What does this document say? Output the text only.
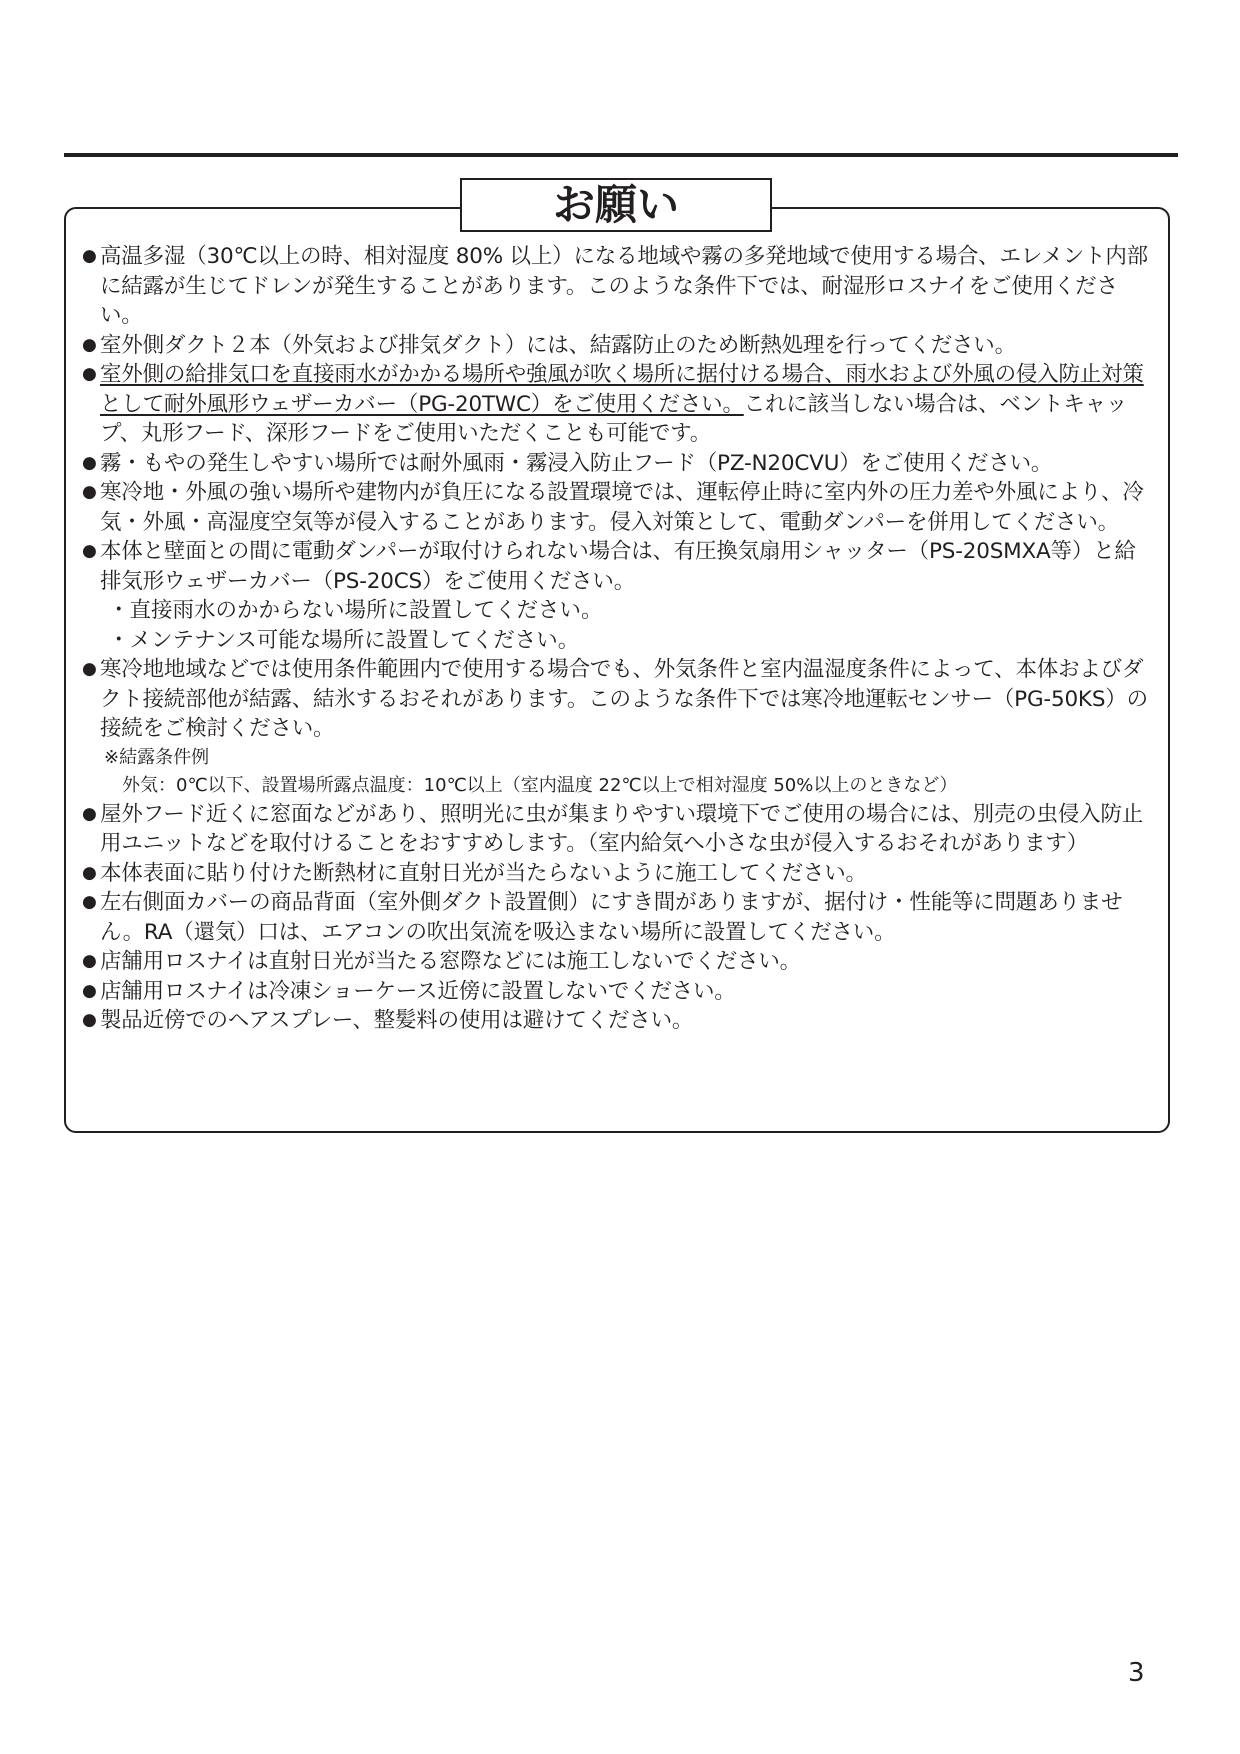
お願い
● 高温多湿（30℃以上の時、相対湿度 80% 以上）になる地域や霧の多発地域で使用する場合、エレメント内部に結露が生じてドレンが発生することがあります。このような条件下では、耐湿形ロスナイをご使用ください。
● 室外側ダクト２本（外気および排気ダクト）には、結露防止のため断熱処理を行ってください。
● 室外側の給排気口を直接雨水がかかる場所や強風が吹く場所に据付ける場合、雨水および外風の侵入防止対策として耐外風形ウェザーカバー（PG-20TWC）をご使用ください。これに該当しない場合は、ベントキャップ、丸形フード、深形フードをご使用いただくことも可能です。
● 霧・もやの発生しやすい場所では耐外風雨・霧浸入防止フード（PZ-N20CVU）をご使用ください。
● 寒冷地・外風の強い場所や建物内が負圧になる設置環境では、運転停止時に室内外の圧力差や外風により、冷気・外風・高湿度空気等が侵入することがあります。侵入対策として、電動ダンパーを併用してください。
● 本体と壁面との間に電動ダンパーが取付けられない場合は、有圧換気扇用シャッター（PS-20SMXA等）と給排気形ウェザーカバー（PS-20CS）をご使用ください。
・直接雨水のかからない場所に設置してください。
・メンテナンス可能な場所に設置してください。
● 寒冷地地域などでは使用条件範囲内で使用する場合でも、外気条件と室内温湿度条件によって、本体およびダクト接続部他が結露、結氷するおそれがあります。このような条件下では寒冷地運転センサー（PG-50KS）の接続をご検討ください。
※結露条件例
外気：0℃以下、設置場所露点温度：10℃以上（室内温度 22℃以上で相対湿度 50%以上のときなど）
● 屋外フード近くに窓面などがあり、照明光に虫が集まりやすい環境下でご使用の場合には、別売の虫侵入防止用ユニットなどを取付けることをおすすめします。（室内給気へ小さな虫が侵入するおそれがあります）
● 本体表面に貼り付けた断熱材に直射日光が当たらないように施工してください。
● 左右側面カバーの商品背面（室外側ダクト設置側）にすき間がありますが、据付け・性能等に問題ありません。RA（還気）口は、エアコンの吹出気流を吸込まない場所に設置してください。
● 店舗用ロスナイは直射日光が当たる窓際などには施工しないでください。
● 店舗用ロスナイは冷凍ショーケース近傍に設置しないでください。
● 製品近傍でのヘアスプレー、整髪料の使用は避けてください。
3
